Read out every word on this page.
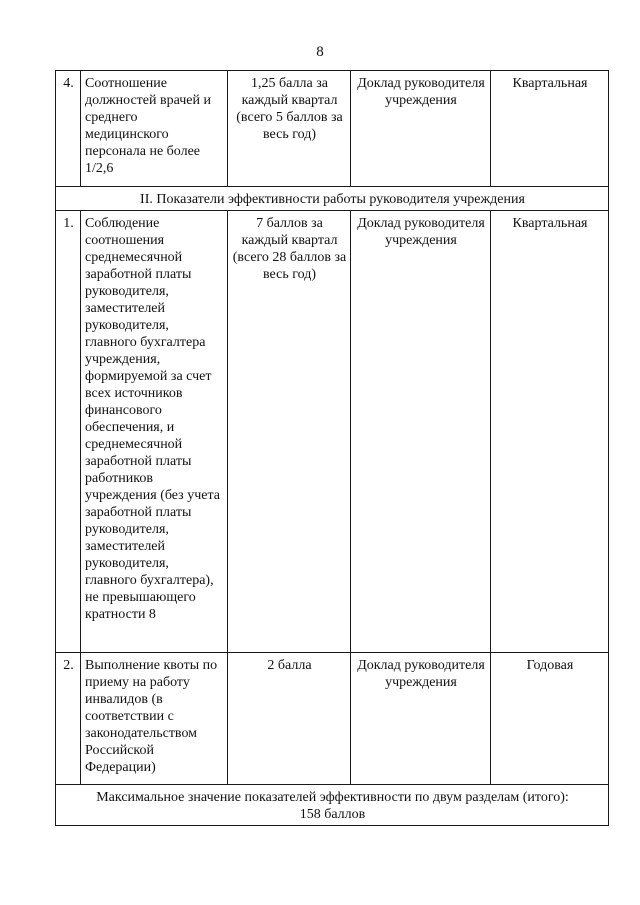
8
4.	Соотношение должностей врачей и среднего медицинского персонала не более 1/2,6	1,25 балла за каждый квартал (всего 5 баллов за весь год)	Доклад руководителя учреждения	Квартальная
II. Показатели эффективности работы руководителя учреждения				
1.	Соблюдение соотношения среднемесячной заработной платы руководителя, заместителей руководителя, главного бухгалтера учреждения, формируемой за счет всех источников финансового обеспечения, и среднемесячной заработной платы работников учреждения (без учета заработной платы руководителя, заместителей руководителя, главного бухгалтера), не превышающего кратности 8	7 баллов за каждый квартал (всего 28 баллов за весь год)	Доклад руководителя учреждения	Квартальная
2.	Выполнение квоты по приему на работу инвалидов (в соответствии с законодательством Российской Федерации)	2 балла	Доклад руководителя учреждения	Годовая

Максимальное значение показателей эффективности по двум разделам (итого):
158 баллов				
